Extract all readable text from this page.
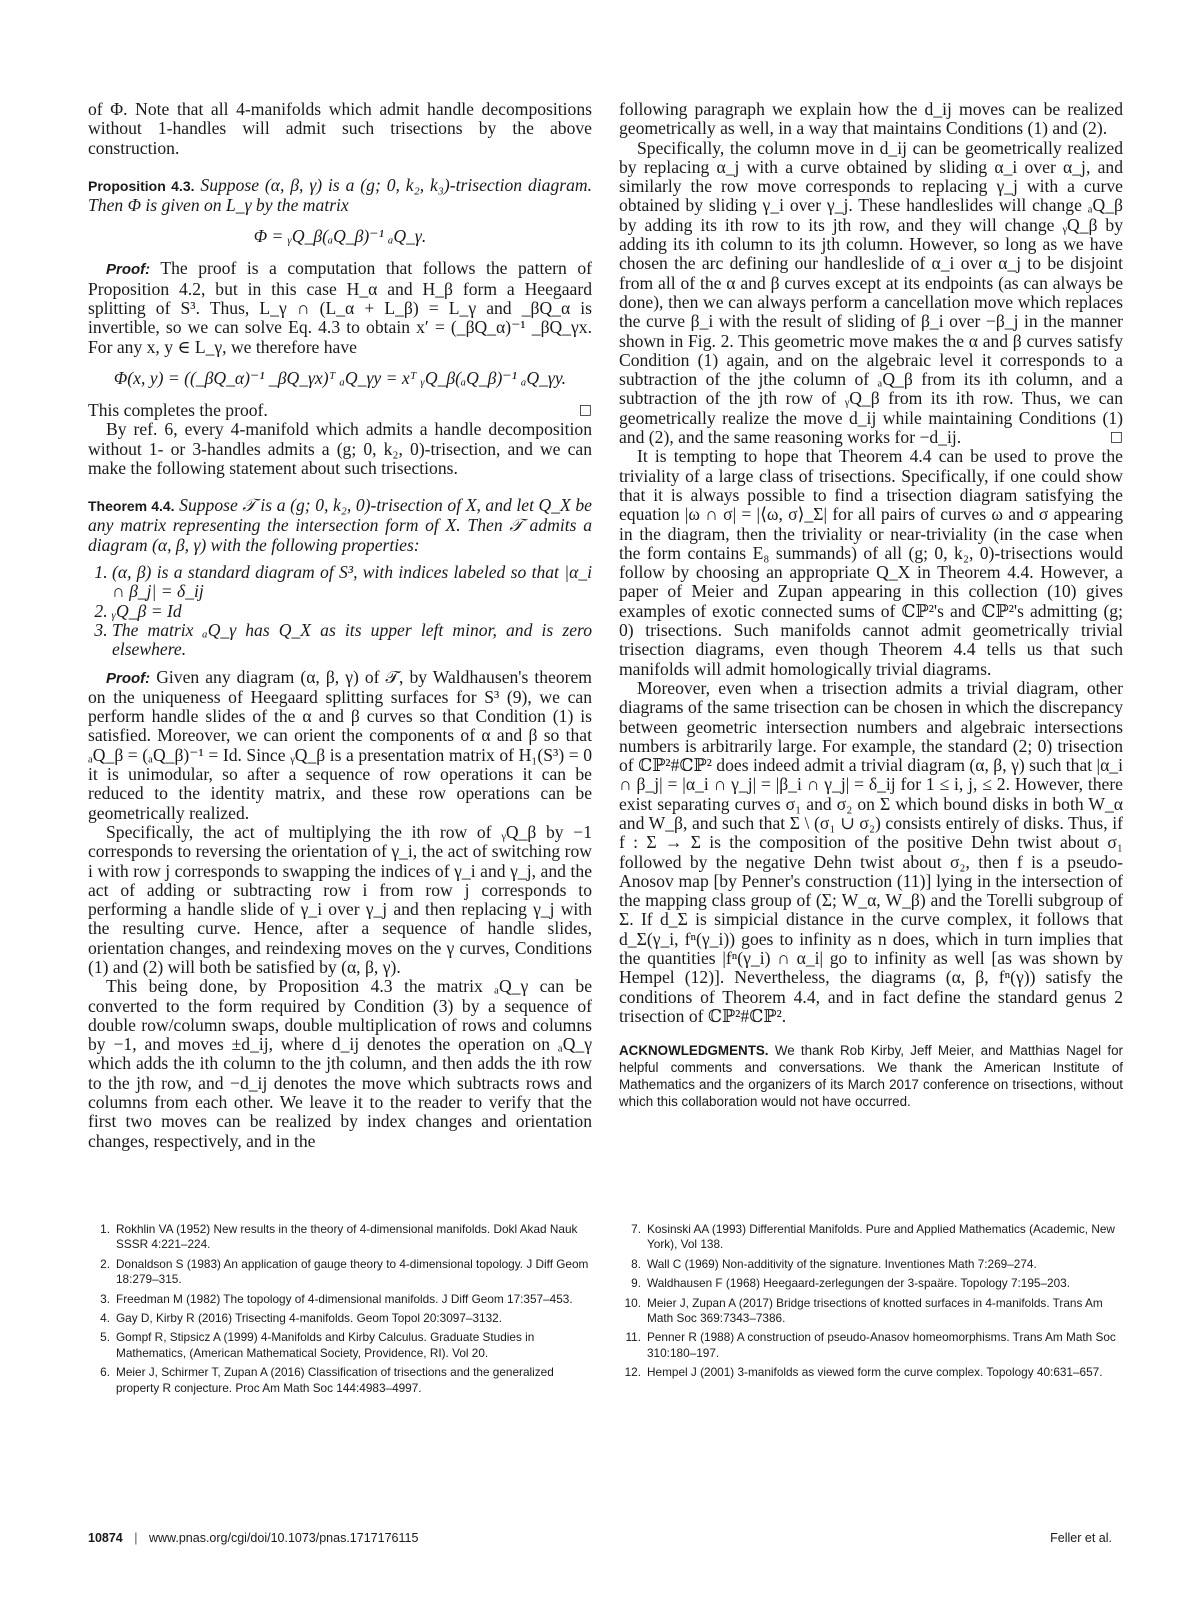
of Φ. Note that all 4-manifolds which admit handle decompositions without 1-handles will admit such trisections by the above construction.

Proposition 4.3. Suppose (α, β, γ) is a (g; 0, k₂, k₃)-trisection diagram. Then Φ is given on L_γ by the matrix

Φ = ᵧQ_β(ₐQ_β)⁻¹ ₐQ_γ.

Proof: The proof is a computation that follows the pattern of Proposition 4.2, but in this case H_α and H_β form a Heegaard splitting of S³. Thus, L_γ ∩ (L_α + L_β) = L_γ and _βQ_α is invertible, so we can solve Eq. 4.3 to obtain x′ = (_βQ_α)⁻¹ _βQ_γx. For any x, y ∈ L_γ, we therefore have

Φ(x, y) = ((_βQ_α)⁻¹ _βQ_γx)ᵀ ₐQ_γy = xᵀ ᵧQ_β(ₐQ_β)⁻¹ ₐQ_γy.

This completes the proof.	□

By ref. 6, every 4-manifold which admits a handle decomposition without 1- or 3-handles admits a (g; 0, k₂, 0)-trisection, and we can make the following statement about such trisections.

Theorem 4.4. Suppose 𝒯 is a (g; 0, k₂, 0)-trisection of X, and let Q_X be any matrix representing the intersection form of X. Then 𝒯 admits a diagram (α, β, γ) with the following properties:

1. (α, β) is a standard diagram of S³, with indices labeled so that |α_i ∩ β_j| = δ_ij
2. ᵧQ_β = Id
3. The matrix ₐQ_γ has Q_X as its upper left minor, and is zero elsewhere.

Proof: Given any diagram (α, β, γ) of 𝒯, by Waldhausen's theorem on the uniqueness of Heegaard splitting surfaces for S³ (9), we can perform handle slides of the α and β curves so that Condition (1) is satisfied. Moreover, we can orient the components of α and β so that ₐQ_β = (ₐQ_β)⁻¹ = Id. Since ᵧQ_β is a presentation matrix of H₁(S³) = 0 it is unimodular, so after a sequence of row operations it can be reduced to the identity matrix, and these row operations can be geometrically realized.

Specifically, the act of multiplying the ith row of ᵧQ_β by −1 corresponds to reversing the orientation of γ_i, the act of switching row i with row j corresponds to swapping the indices of γ_i and γ_j, and the act of adding or subtracting row i from row j corresponds to performing a handle slide of γ_i over γ_j and then replacing γ_j with the resulting curve. Hence, after a sequence of handle slides, orientation changes, and reindexing moves on the γ curves, Conditions (1) and (2) will both be satisfied by (α, β, γ).

This being done, by Proposition 4.3 the matrix ₐQ_γ can be converted to the form required by Condition (3) by a sequence of double row/column swaps, double multiplication of rows and columns by −1, and moves ±d_ij, where d_ij denotes the operation on ₐQ_γ which adds the ith column to the jth column, and then adds the ith row to the jth row, and −d_ij denotes the move which subtracts rows and columns from each other. We leave it to the reader to verify that the first two moves can be realized by index changes and orientation changes, respectively, and in the

following paragraph we explain how the d_ij moves can be realized geometrically as well, in a way that maintains Conditions (1) and (2).

Specifically, the column move in d_ij can be geometrically realized by replacing α_j with a curve obtained by sliding α_i over α_j, and similarly the row move corresponds to replacing γ_j with a curve obtained by sliding γ_i over γ_j. These handleslides will change ₐQ_β by adding its ith row to its jth row, and they will change ᵧQ_β by adding its ith column to its jth column. However, so long as we have chosen the arc defining our handleslide of α_i over α_j to be disjoint from all of the α and β curves except at its endpoints (as can always be done), then we can always perform a cancellation move which replaces the curve β_i with the result of sliding of β_i over −β_j in the manner shown in Fig. 2. This geometric move makes the α and β curves satisfy Condition (1) again, and on the algebraic level it corresponds to a subtraction of the jthe column of ₐQ_β from its ith column, and a subtraction of the jth row of ᵧQ_β from its ith row. Thus, we can geometrically realize the move d_ij while maintaining Conditions (1) and (2), and the same reasoning works for −d_ij.	□

It is tempting to hope that Theorem 4.4 can be used to prove the triviality of a large class of trisections. Specifically, if one could show that it is always possible to find a trisection diagram satisfying the equation |ω ∩ σ| = |⟨ω, σ⟩_Σ| for all pairs of curves ω and σ appearing in the diagram, then the triviality or near-triviality (in the case when the form contains E₈ summands) of all (g; 0, k₂, 0)-trisections would follow by choosing an appropriate Q_X in Theorem 4.4. However, a paper of Meier and Zupan appearing in this collection (10) gives examples of exotic connected sums of ℂℙ²'s and ℂℙ²'s admitting (g; 0) trisections. Such manifolds cannot admit geometrically trivial trisection diagrams, even though Theorem 4.4 tells us that such manifolds will admit homologically trivial diagrams.

Moreover, even when a trisection admits a trivial diagram, other diagrams of the same trisection can be chosen in which the discrepancy between geometric intersection numbers and algebraic intersections numbers is arbitrarily large. For example, the standard (2; 0) trisection of ℂℙ²#ℂℙ² does indeed admit a trivial diagram (α, β, γ) such that |α_i ∩ β_j| = |α_i ∩ γ_j| = |β_i ∩ γ_j| = δ_ij for 1 ≤ i, j, ≤ 2. However, there exist separating curves σ₁ and σ₂ on Σ which bound disks in both W_α and W_β, and such that Σ \ (σ₁ ∪ σ₂) consists entirely of disks. Thus, if f : Σ → Σ is the composition of the positive Dehn twist about σ₁ followed by the negative Dehn twist about σ₂, then f is a pseudo-Anosov map [by Penner's construction (11)] lying in the intersection of the mapping class group of (Σ; W_α, W_β) and the Torelli subgroup of Σ. If d_Σ is simpicial distance in the curve complex, it follows that d_Σ(γ_i, fⁿ(γ_i)) goes to infinity as n does, which in turn implies that the quantities |fⁿ(γ_i) ∩ α_i| go to infinity as well [as was shown by Hempel (12)]. Nevertheless, the diagrams (α, β, fⁿ(γ)) satisfy the conditions of Theorem 4.4, and in fact define the standard genus 2 trisection of ℂℙ²#ℂℙ².

ACKNOWLEDGMENTS. We thank Rob Kirby, Jeff Meier, and Matthias Nagel for helpful comments and conversations. We thank the American Institute of Mathematics and the organizers of its March 2017 conference on trisections, without which this collaboration would not have occurred.
1. Rokhlin VA (1952) New results in the theory of 4-dimensional manifolds. Dokl Akad Nauk SSSR 4:221–224.
2. Donaldson S (1983) An application of gauge theory to 4-dimensional topology. J Diff Geom 18:279–315.
3. Freedman M (1982) The topology of 4-dimensional manifolds. J Diff Geom 17:357–453.
4. Gay D, Kirby R (2016) Trisecting 4-manifolds. Geom Topol 20:3097–3132.
5. Gompf R, Stipsicz A (1999) 4-Manifolds and Kirby Calculus. Graduate Studies in Mathematics, (American Mathematical Society, Providence, RI). Vol 20.
6. Meier J, Schirmer T, Zupan A (2016) Classification of trisections and the generalized property R conjecture. Proc Am Math Soc 144:4983–4997.
7. Kosinski AA (1993) Differential Manifolds. Pure and Applied Mathematics (Academic, New York), Vol 138.
8. Wall C (1969) Non-additivity of the signature. Inventiones Math 7:269–274.
9. Waldhausen F (1968) Heegaard-zerlegungen der 3-spaäre. Topology 7:195–203.
10. Meier J, Zupan A (2017) Bridge trisections of knotted surfaces in 4-manifolds. Trans Am Math Soc 369:7343–7386.
11. Penner R (1988) A construction of pseudo-Anasov homeomorphisms. Trans Am Math Soc 310:180–197.
12. Hempel J (2001) 3-manifolds as viewed form the curve complex. Topology 40:631–657.
10874 | www.pnas.org/cgi/doi/10.1073/pnas.1717176115	Feller et al.
